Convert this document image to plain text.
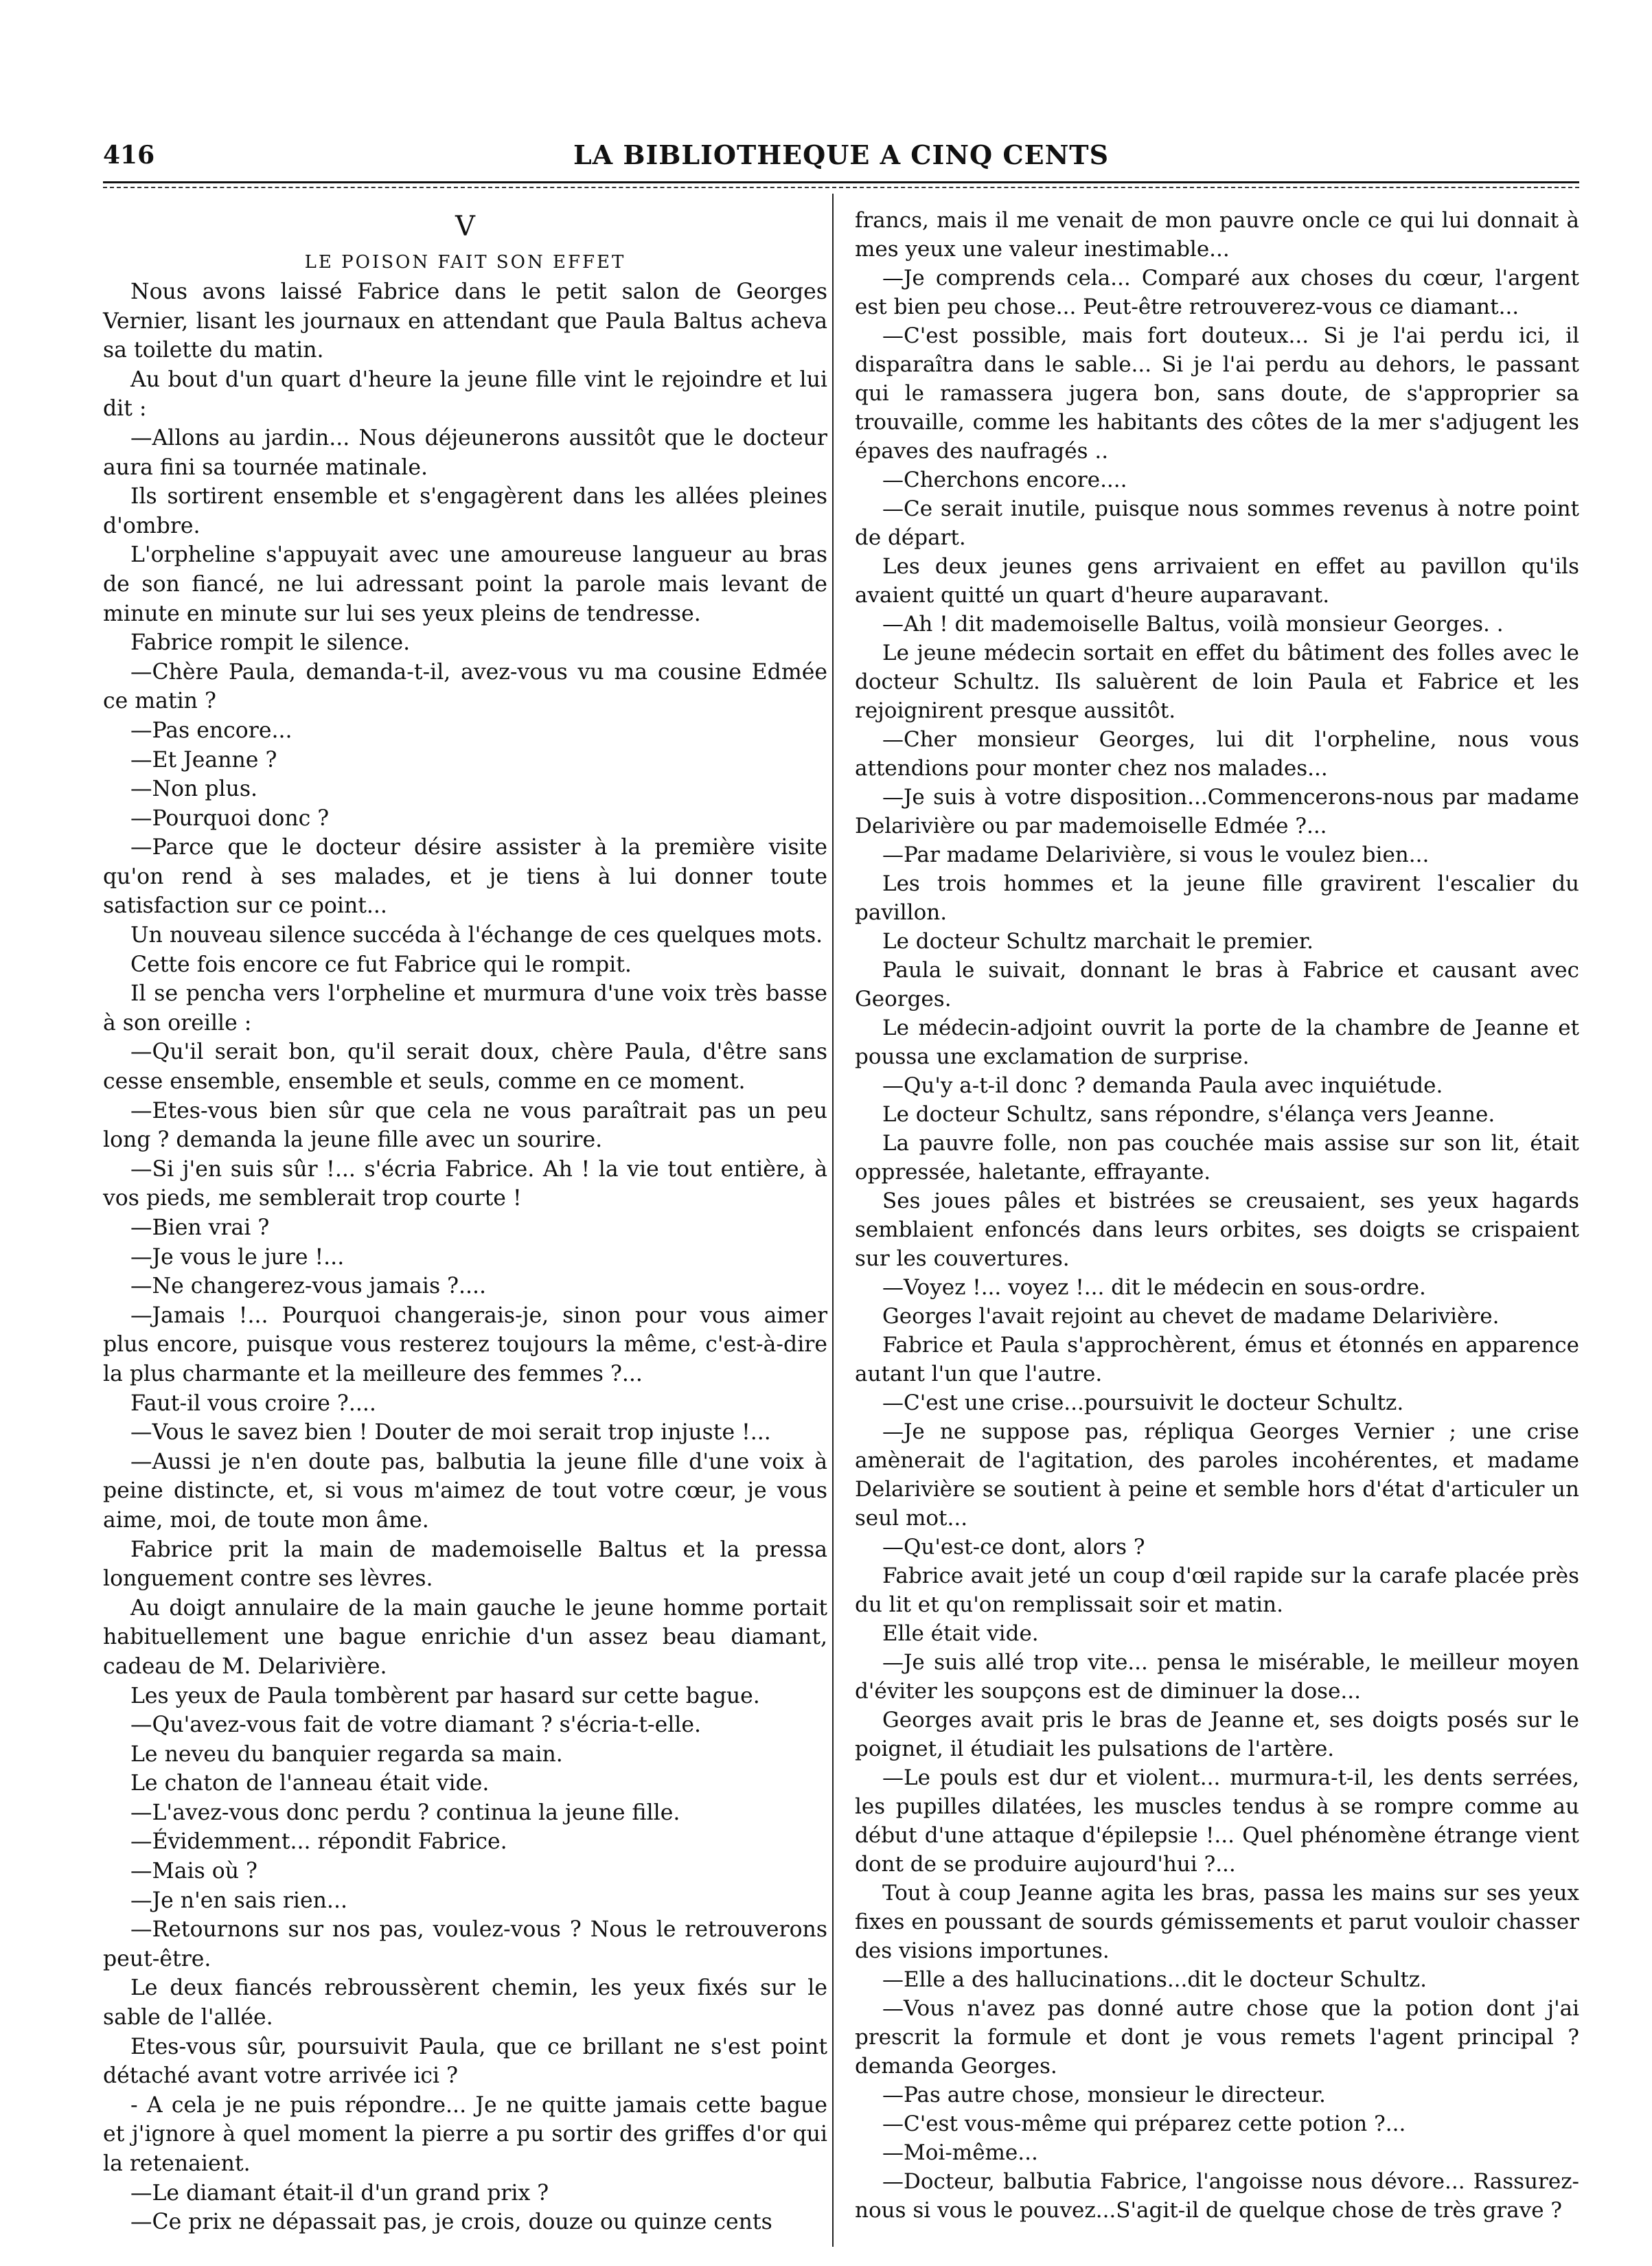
416	LA BIBLIOTHEQUE A CINQ CENTS

V

LE POISON FAIT SON EFFET

Nous avons laissé Fabrice dans le petit salon de Georges Vernier, lisant les journaux en attendant que Paula Baltus acheva sa toilette du matin.

Au bout d'un quart d'heure la jeune fille vint le rejoindre et lui dit :

—Allons au jardin... Nous déjeunerons aussitôt que le docteur aura fini sa tournée matinale.

Ils sortirent ensemble et s'engagèrent dans les allées pleines d'ombre.

L'orpheline s'appuyait avec une amoureuse langueur au bras de son fiancé, ne lui adressant point la parole mais levant de minute en minute sur lui ses yeux pleins de tendresse.

Fabrice rompit le silence.

—Chère Paula, demanda-t-il, avez-vous vu ma cousine Edmée ce matin ?

—Pas encore...

—Et Jeanne ?

—Non plus.

—Pourquoi donc ?

—Parce que le docteur désire assister à la première visite qu'on rend à ses malades, et je tiens à lui donner toute satisfaction sur ce point...

Un nouveau silence succéda à l'échange de ces quelques mots.

Cette fois encore ce fut Fabrice qui le rompit.

Il se pencha vers l'orpheline et murmura d'une voix très basse à son oreille :

—Qu'il serait bon, qu'il serait doux, chère Paula, d'être sans cesse ensemble, ensemble et seuls, comme en ce moment.

—Etes-vous bien sûr que cela ne vous paraîtrait pas un peu long ? demanda la jeune fille avec un sourire.

—Si j'en suis sûr !... s'écria Fabrice. Ah ! la vie tout entière, à vos pieds, me semblerait trop courte !

—Bien vrai ?

—Je vous le jure !...

—Ne changerez-vous jamais ?....

—Jamais !... Pourquoi changerais-je, sinon pour vous aimer plus encore, puisque vous resterez toujours la même, c'est-à-dire la plus charmante et la meilleure des femmes ?...

Faut-il vous croire ?....

—Vous le savez bien ! Douter de moi serait trop injuste !...

—Aussi je n'en doute pas, balbutia la jeune fille d'une voix à peine distincte, et, si vous m'aimez de tout votre cœur, je vous aime, moi, de toute mon âme.

Fabrice prit la main de mademoiselle Baltus et la pressa longuement contre ses lèvres.

Au doigt annulaire de la main gauche le jeune homme portait habituellement une bague enrichie d'un assez beau diamant, cadeau de M. Delarivière.

Les yeux de Paula tombèrent par hasard sur cette bague.

—Qu'avez-vous fait de votre diamant ? s'écria-t-elle.

Le neveu du banquier regarda sa main.

Le chaton de l'anneau était vide.

—L'avez-vous donc perdu ? continua la jeune fille.

—Évidemment... répondit Fabrice.

—Mais où ?

—Je n'en sais rien...

—Retournons sur nos pas, voulez-vous ? Nous le retrouverons peut-être.

Le deux fiancés rebroussèrent chemin, les yeux fixés sur le sable de l'allée.

Etes-vous sûr, poursuivit Paula, que ce brillant ne s'est point détaché avant votre arrivée ici ?

- A cela je ne puis répondre... Je ne quitte jamais cette bague et j'ignore à quel moment la pierre a pu sortir des griffes d'or qui la retenaient.

—Le diamant était-il d'un grand prix ?

—Ce prix ne dépassait pas, je crois, douze ou quinze cents

francs, mais il me venait de mon pauvre oncle ce qui lui donnait à mes yeux une valeur inestimable...

—Je comprends cela... Comparé aux choses du cœur, l'argent est bien peu chose... Peut-être retrouverez-vous ce diamant...

—C'est possible, mais fort douteux... Si je l'ai perdu ici, il disparaîtra dans le sable... Si je l'ai perdu au dehors, le passant qui le ramassera jugera bon, sans doute, de s'approprier sa trouvaille, comme les habitants des côtes de la mer s'adjugent les épaves des naufragés ..

—Cherchons encore....

—Ce serait inutile, puisque nous sommes revenus à notre point de départ.

Les deux jeunes gens arrivaient en effet au pavillon qu'ils avaient quitté un quart d'heure auparavant.

—Ah ! dit mademoiselle Baltus, voilà monsieur Georges. .

Le jeune médecin sortait en effet du bâtiment des folles avec le docteur Schultz. Ils saluèrent de loin Paula et Fabrice et les rejoignirent presque aussitôt.

—Cher monsieur Georges, lui dit l'orpheline, nous vous attendions pour monter chez nos malades...

—Je suis à votre disposition...Commencerons-nous par madame Delarivière ou par mademoiselle Edmée ?...

—Par madame Delarivière, si vous le voulez bien...

Les trois hommes et la jeune fille gravirent l'escalier du pavillon.

Le docteur Schultz marchait le premier.

Paula le suivait, donnant le bras à Fabrice et causant avec Georges.

Le médecin-adjoint ouvrit la porte de la chambre de Jeanne et poussa une exclamation de surprise.

—Qu'y a-t-il donc ? demanda Paula avec inquiétude.

Le docteur Schultz, sans répondre, s'élança vers Jeanne.

La pauvre folle, non pas couchée mais assise sur son lit, était oppressée, haletante, effrayante.

Ses joues pâles et bistrées se creusaient, ses yeux hagards semblaient enfoncés dans leurs orbites, ses doigts se crispaient sur les couvertures.

—Voyez !... voyez !... dit le médecin en sous-ordre.

Georges l'avait rejoint au chevet de madame Delarivière.

Fabrice et Paula s'approchèrent, émus et étonnés en apparence autant l'un que l'autre.

—C'est une crise...poursuivit le docteur Schultz.

—Je ne suppose pas, répliqua Georges Vernier ; une crise amènerait de l'agitation, des paroles incohérentes, et madame Delarivière se soutient à peine et semble hors d'état d'articuler un seul mot...

—Qu'est-ce dont, alors ?

Fabrice avait jeté un coup d'œil rapide sur la carafe placée près du lit et qu'on remplissait soir et matin.

Elle était vide.

—Je suis allé trop vite... pensa le misérable, le meilleur moyen d'éviter les soupçons est de diminuer la dose...

Georges avait pris le bras de Jeanne et, ses doigts posés sur le poignet, il étudiait les pulsations de l'artère.

—Le pouls est dur et violent... murmura-t-il, les dents serrées, les pupilles dilatées, les muscles tendus à se rompre comme au début d'une attaque d'épilepsie !... Quel phénomène étrange vient dont de se produire aujourd'hui ?...

Tout à coup Jeanne agita les bras, passa les mains sur ses yeux fixes en poussant de sourds gémissements et parut vouloir chasser des visions importunes.

—Elle a des hallucinations...dit le docteur Schultz.

—Vous n'avez pas donné autre chose que la potion dont j'ai prescrit la formule et dont je vous remets l'agent principal ? demanda Georges.

—Pas autre chose, monsieur le directeur.

—C'est vous-même qui préparez cette potion ?...

—Moi-même...

—Docteur, balbutia Fabrice, l'angoisse nous dévore... Rassurez-nous si vous le pouvez...S'agit-il de quelque chose de très grave ?
